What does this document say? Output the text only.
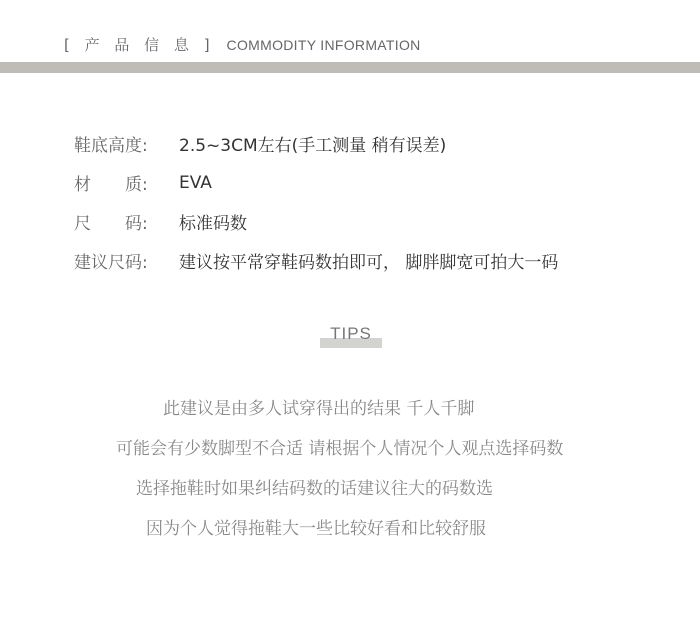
[ 产 品 信 息 ] COMMODITY INFORMATION
鞋底高度:	2.5~3CM左右(手工测量 稍有误差)
材　　质:	EVA
尺　　码:	标准码数
建议尺码:	建议按平常穿鞋码数拍即可， 脚胖脚宽可拍大一码
TIPS
此建议是由多人试穿得出的结果 千人千脚
可能会有少数脚型不合适 请根据个人情况个人观点选择码数
选择拖鞋时如果纠结码数的话建议往大的码数选
因为个人觉得拖鞋大一些比较好看和比较舒服
